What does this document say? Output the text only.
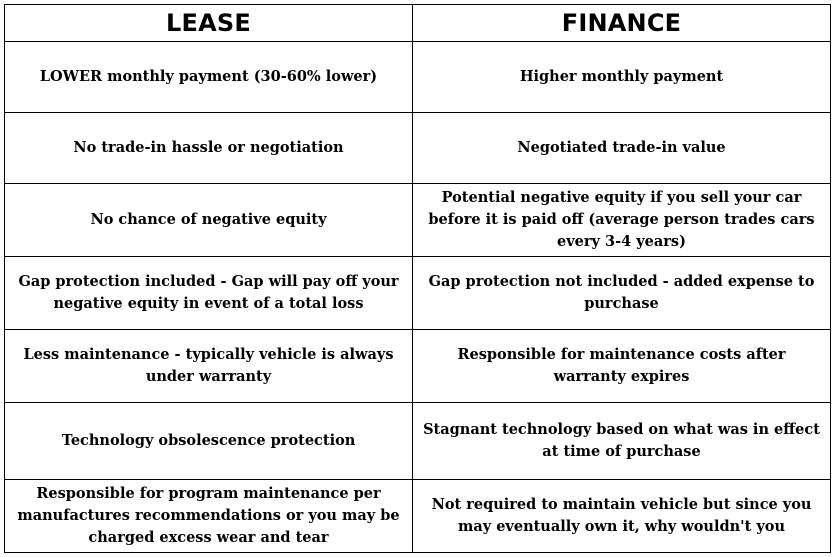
LEASE	FINANCE
LOWER monthly payment (30-60% lower)	Higher monthly payment
No trade-in hassle or negotiation	Negotiated trade-in value
No chance of negative equity	Potential negative equity if you sell your car before it is paid off (average person trades cars every 3-4 years)
Gap protection included - Gap will pay off your negative equity in event of a total loss	Gap protection not included - added expense to purchase
Less maintenance - typically vehicle is always under warranty	Responsible for maintenance costs after warranty expires
Technology obsolescence protection	Stagnant technology based on what was in effect at time of purchase
Responsible for program maintenance per manufactures recommendations or you may be charged excess wear and tear	Not required to maintain vehicle but since you may eventually own it, why wouldn't you
